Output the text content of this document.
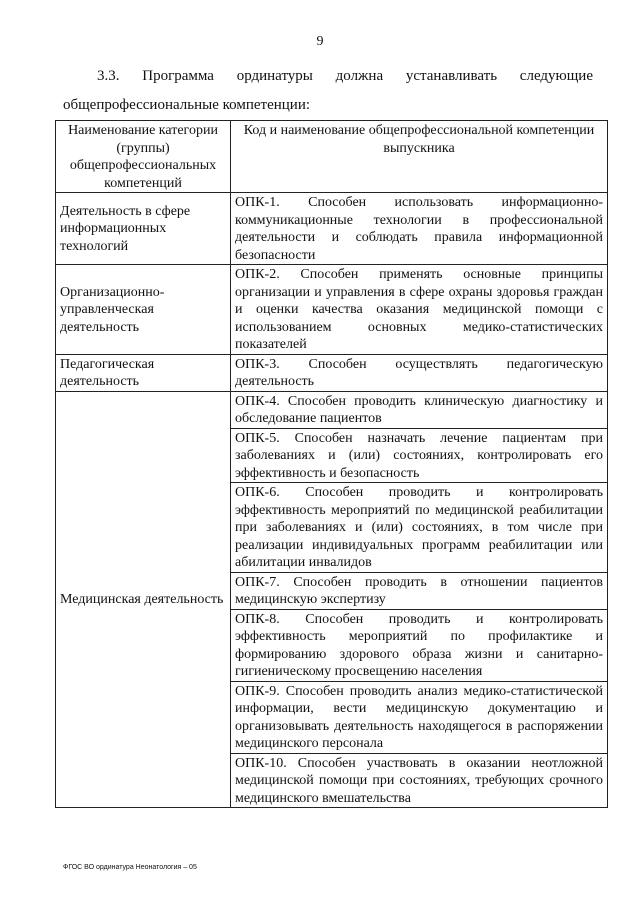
9
3.3. Программа ординатуры должна устанавливать следующие
общепрофессиональные компетенции:
Наименование категории (группы) общепрофессиональных компетенций	Код и наименование общепрофессиональной компетенции выпускника
Деятельность в сфере информационных технологий	ОПК-1. Способен использовать информационно-коммуникационные технологии в профессиональной деятельности и соблюдать правила информационной безопасности
Организационно-управленческая деятельность	ОПК-2. Способен применять основные принципы организации и управления в сфере охраны здоровья граждан и оценки качества оказания медицинской помощи с использованием основных медико-статистических показателей
Педагогическая деятельность	ОПК-3. Способен осуществлять педагогическую деятельность
Медицинская деятельность	ОПК-4. Способен проводить клиническую диагностику и обследование пациентов
	ОПК-5. Способен назначать лечение пациентам при заболеваниях и (или) состояниях, контролировать его эффективность и безопасность
	ОПК-6. Способен проводить и контролировать эффективность мероприятий по медицинской реабилитации при заболеваниях и (или) состояниях, в том числе при реализации индивидуальных программ реабилитации или абилитации инвалидов
	ОПК-7. Способен проводить в отношении пациентов медицинскую экспертизу
	ОПК-8. Способен проводить и контролировать эффективность мероприятий по профилактике и формированию здорового образа жизни и санитарно-гигиеническому просвещению населения
	ОПК-9. Способен проводить анализ медико-статистической информации, вести медицинскую документацию и организовывать деятельность находящегося в распоряжении медицинского персонала
	ОПК-10. Способен участвовать в оказании неотложной медицинской помощи при состояниях, требующих срочного медицинского вмешательства
ФГОС ВО ординатура Неонатология – 05
